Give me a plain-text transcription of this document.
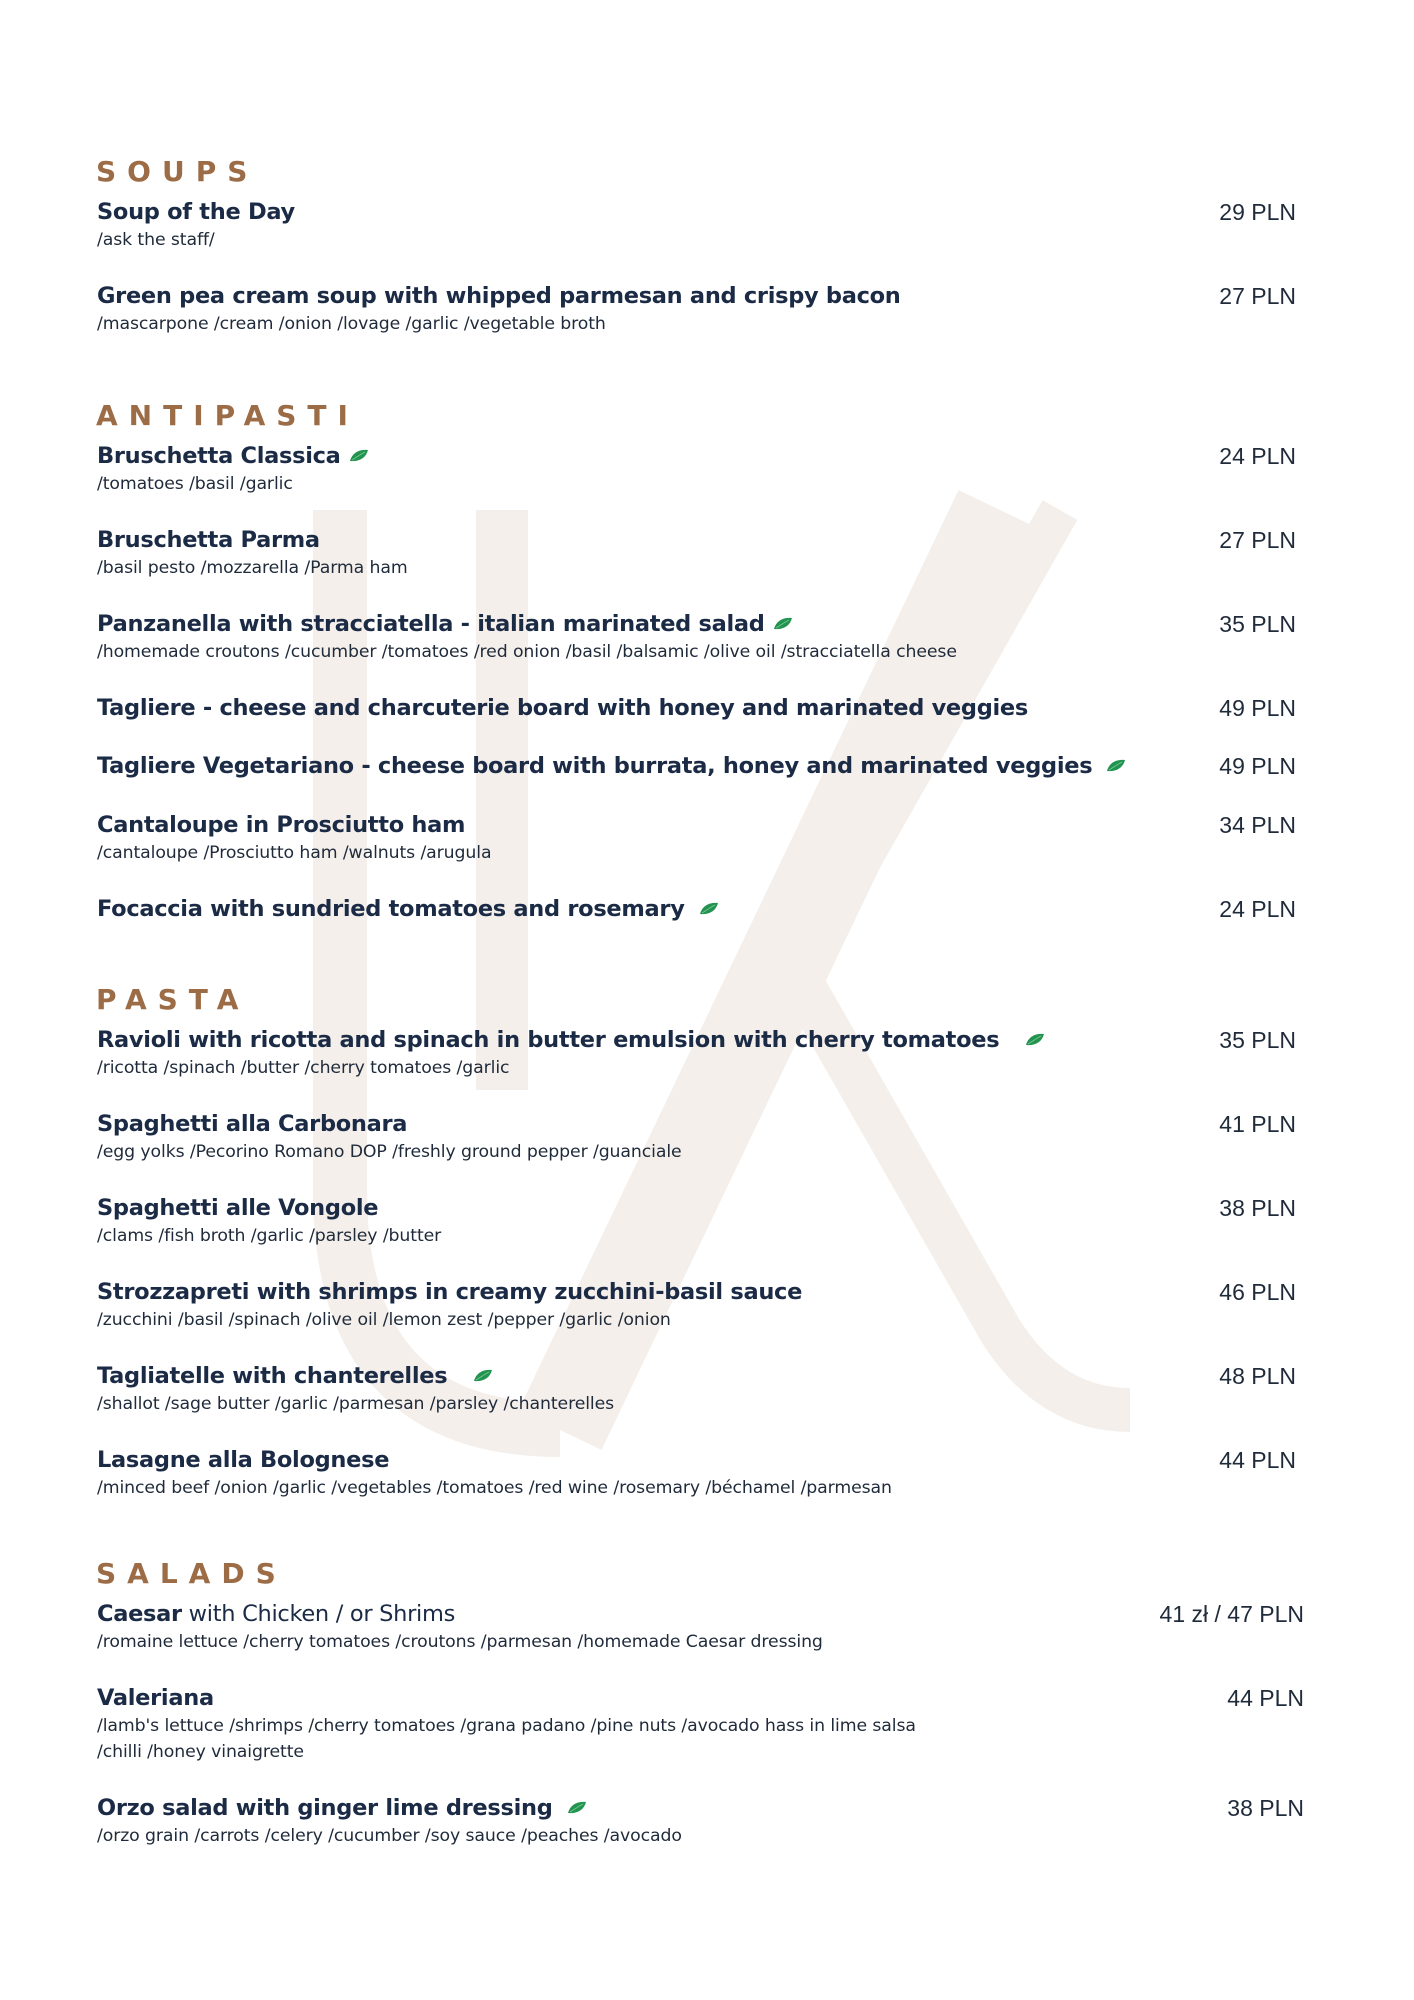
SOUPS
Soup of the Day
/ask the staff/
29 PLN
Green pea cream soup with whipped parmesan and crispy bacon
/mascarpone /cream /onion /lovage /garlic /vegetable broth
27 PLN
ANTIPASTI
Bruschetta Classica
/tomatoes /basil /garlic
24 PLN
Bruschetta Parma
/basil pesto /mozzarella /Parma ham
27 PLN
Panzanella with stracciatella - italian marinated salad
/homemade croutons /cucumber /tomatoes /red onion /basil /balsamic /olive oil /stracciatella cheese
35 PLN
Tagliere - cheese and charcuterie board with honey and marinated veggies	49 PLN
Tagliere Vegetariano - cheese board with burrata, honey and marinated veggies	49 PLN
Cantaloupe in Prosciutto ham
/cantaloupe /Prosciutto ham /walnuts /arugula
34 PLN
Focaccia with sundried tomatoes and rosemary	24 PLN
PASTA
Ravioli with ricotta and spinach in butter emulsion with cherry tomatoes
/ricotta /spinach /butter /cherry tomatoes /garlic
35 PLN
Spaghetti alla Carbonara
/egg yolks /Pecorino Romano DOP /freshly ground pepper /guanciale
41 PLN
Spaghetti alle Vongole
/clams /fish broth /garlic /parsley /butter
38 PLN
Strozzapreti with shrimps in creamy zucchini-basil sauce
/zucchini /basil /spinach /olive oil /lemon zest /pepper /garlic /onion
46 PLN
Tagliatelle with chanterelles
/shallot /sage butter /garlic /parmesan /parsley /chanterelles
48 PLN
Lasagne alla Bolognese
/minced beef /onion /garlic /vegetables /tomatoes /red wine /rosemary /béchamel /parmesan
44 PLN
SALADS
Caesar with Chicken / or Shrims
/romaine lettuce /cherry tomatoes /croutons /parmesan /homemade Caesar dressing
41 zł / 47 PLN
Valeriana
/lamb's lettuce /shrimps /cherry tomatoes /grana padano /pine nuts /avocado hass in lime salsa
/chilli /honey vinaigrette
44 PLN
Orzo salad with ginger lime dressing
/orzo grain /carrots /celery /cucumber /soy sauce /peaches /avocado
38 PLN
